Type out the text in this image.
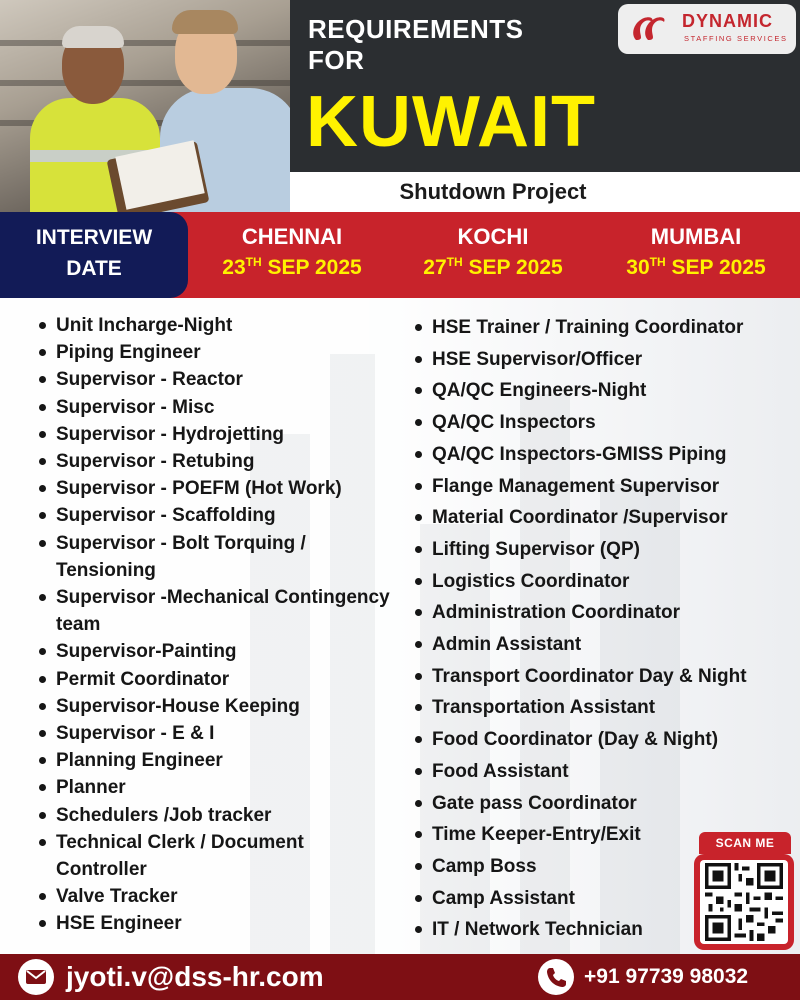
REQUIREMENTS
FOR
KUWAIT
DYNAMIC
STAFFING SERVICES
Shutdown Project
INTERVIEW
DATE
CHENNAI
23TH SEP 2025
KOCHI
27TH SEP 2025
MUMBAI
30TH SEP 2025
Unit Incharge-Night
Piping Engineer
Supervisor - Reactor
Supervisor - Misc
Supervisor - Hydrojetting
Supervisor - Retubing
Supervisor - POEFM (Hot Work)
Supervisor - Scaffolding
Supervisor - Bolt Torquing / Tensioning
Supervisor -Mechanical Contingency team
Supervisor-Painting
Permit Coordinator
Supervisor-House Keeping
Supervisor - E & I
Planning Engineer
Planner
Schedulers /Job tracker
Technical Clerk / Document Controller
Valve Tracker
HSE Engineer
HSE Trainer / Training Coordinator
HSE Supervisor/Officer
QA/QC Engineers-Night
QA/QC Inspectors
QA/QC Inspectors-GMISS Piping
Flange Management Supervisor
Material Coordinator /Supervisor
Lifting Supervisor (QP)
Logistics Coordinator
Administration Coordinator
Admin Assistant
Transport Coordinator Day & Night
Transportation Assistant
Food Coordinator (Day & Night)
Food Assistant
Gate pass Coordinator
Time Keeper-Entry/Exit
Camp Boss
Camp Assistant
IT / Network Technician
SCAN ME
jyoti.v@dss-hr.com	+91 97739 98032
